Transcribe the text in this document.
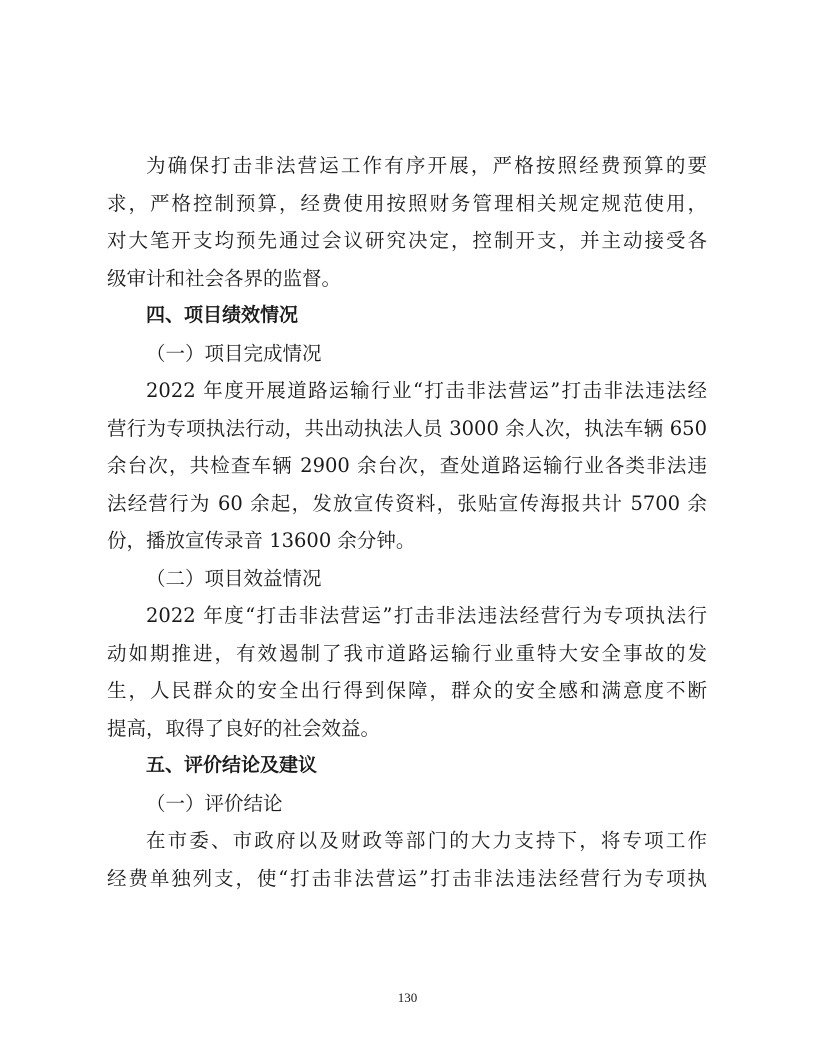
为确保打击非法营运工作有序开展，严格按照经费预算的要
求，严格控制预算，经费使用按照财务管理相关规定规范使用，
对大笔开支均预先通过会议研究决定，控制开支，并主动接受各
级审计和社会各界的监督。
四、项目绩效情况
（一）项目完成情况
2022 年度开展道路运输行业“打击非法营运”打击非法违法经
营行为专项执法行动，共出动执法人员 3000 余人次，执法车辆 650
余台次，共检查车辆 2900 余台次，查处道路运输行业各类非法违
法经营行为 60 余起，发放宣传资料，张贴宣传海报共计 5700 余
份，播放宣传录音 13600 余分钟。
（二）项目效益情况
2022 年度“打击非法营运”打击非法违法经营行为专项执法行
动如期推进，有效遏制了我市道路运输行业重特大安全事故的发
生，人民群众的安全出行得到保障，群众的安全感和满意度不断
提高，取得了良好的社会效益。
五、评价结论及建议
（一）评价结论
在市委、市政府以及财政等部门的大力支持下，将专项工作
经费单独列支，使“打击非法营运”打击非法违法经营行为专项执
130
